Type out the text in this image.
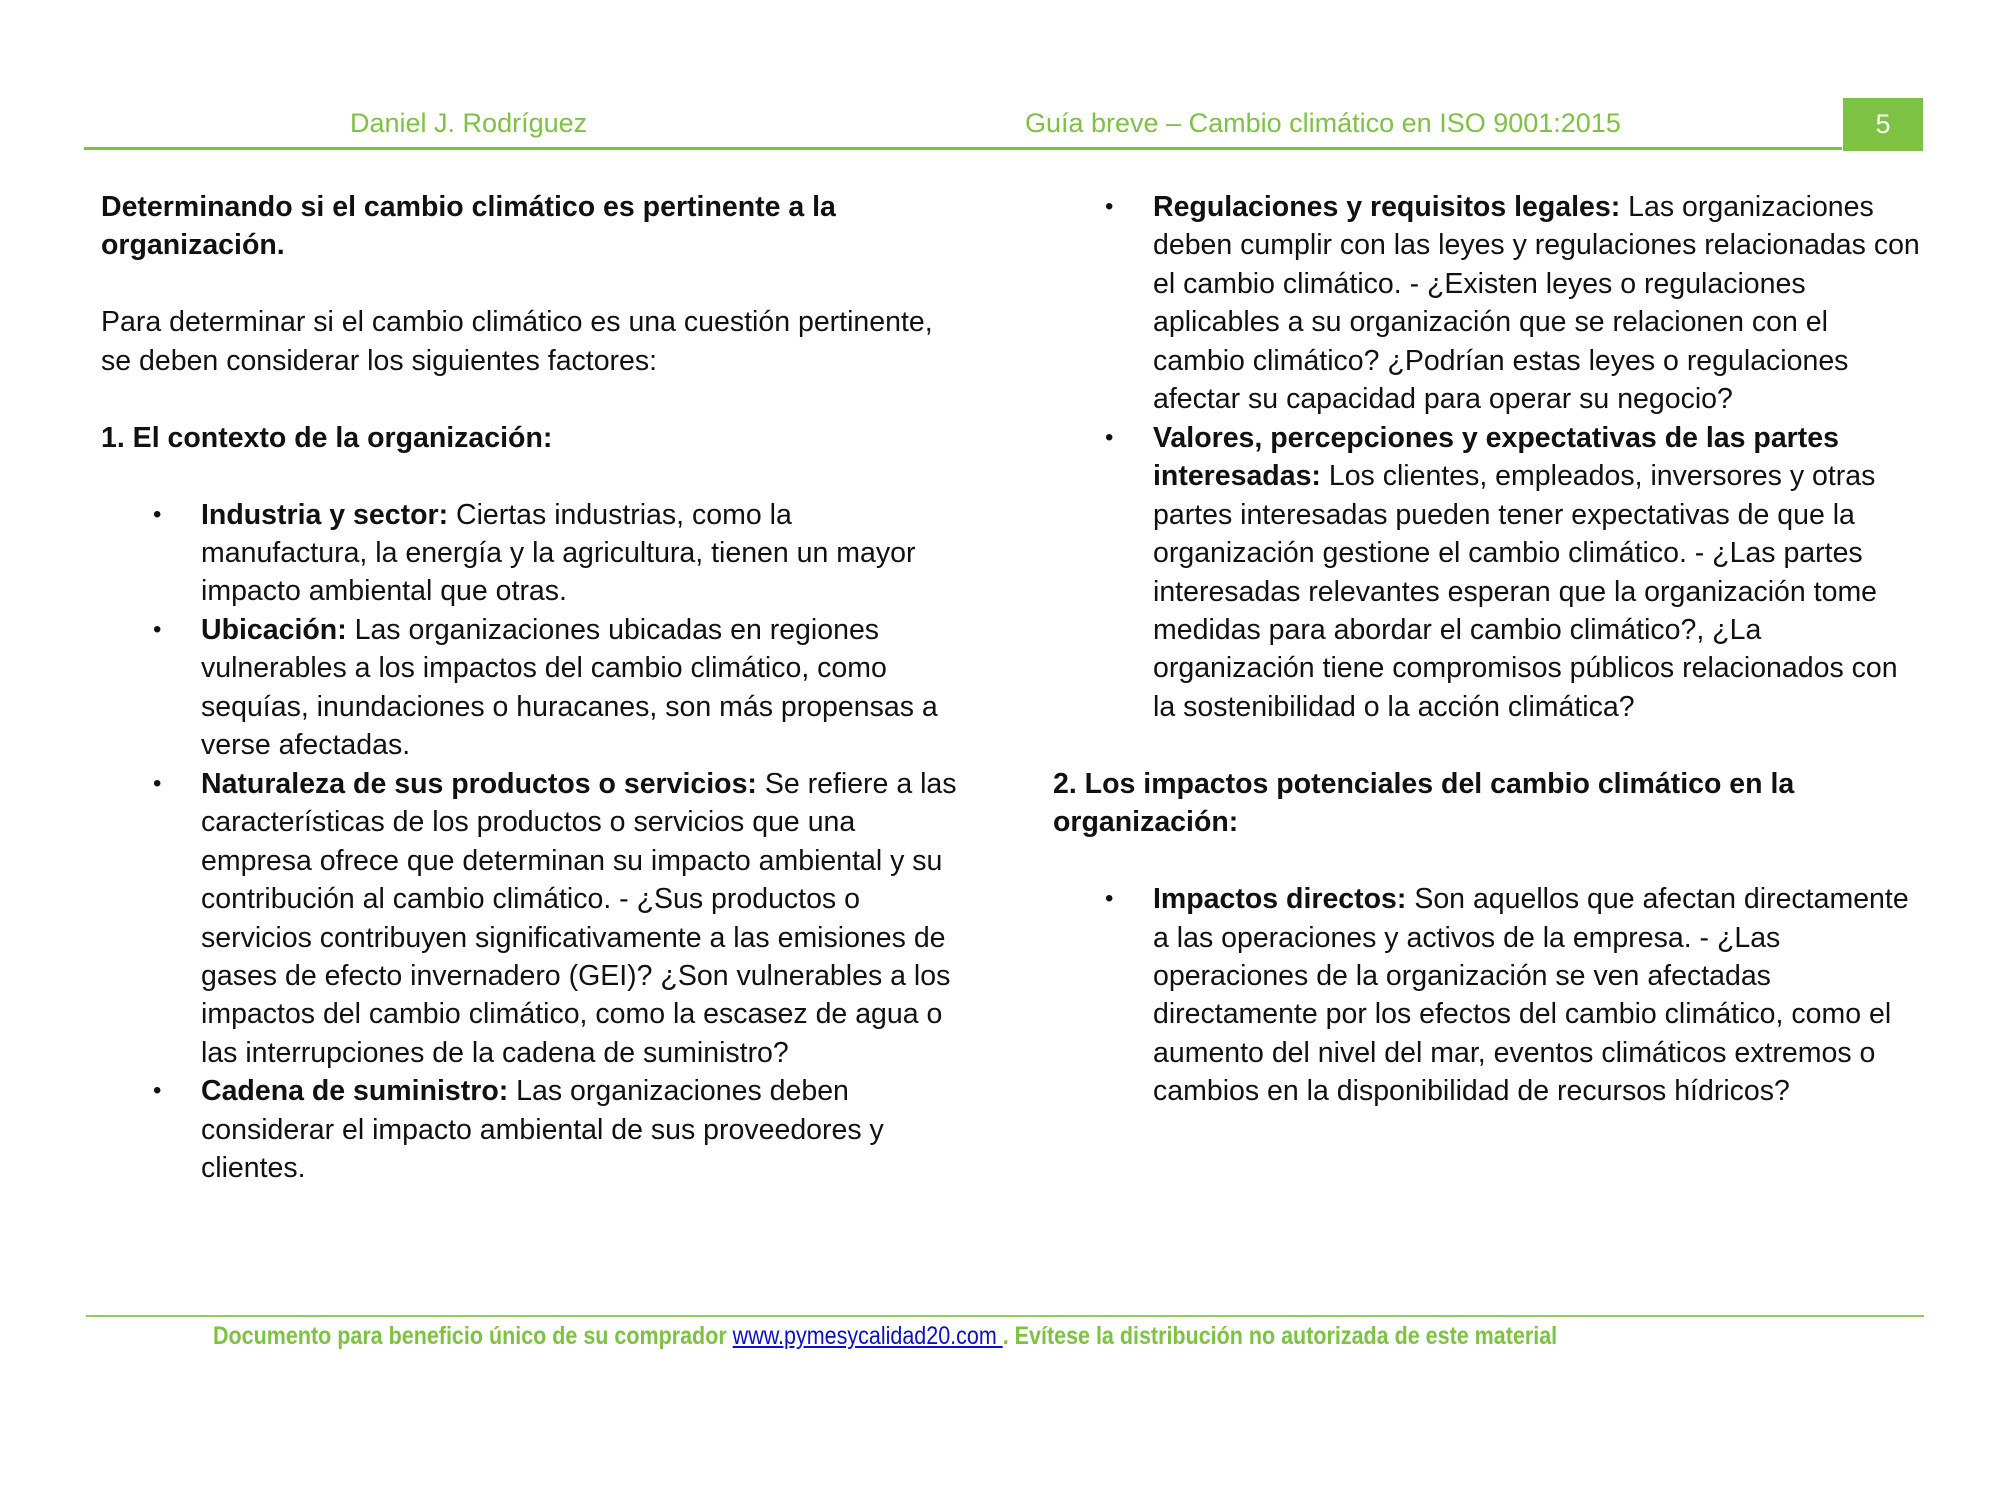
Daniel J. Rodríguez	Guía breve – Cambio climático en ISO 9001:2015	5
Determinando si el cambio climático es pertinente a la organización.
Para determinar si el cambio climático es una cuestión pertinente, se deben considerar los siguientes factores:
1. El contexto de la organización:
• Industria y sector: Ciertas industrias, como la manufactura, la energía y la agricultura, tienen un mayor impacto ambiental que otras.
• Ubicación: Las organizaciones ubicadas en regiones vulnerables a los impactos del cambio climático, como sequías, inundaciones o huracanes, son más propensas a verse afectadas.
• Naturaleza de sus productos o servicios: Se refiere a las características de los productos o servicios que una empresa ofrece que determinan su impacto ambiental y su contribución al cambio climático. - ¿Sus productos o servicios contribuyen significativamente a las emisiones de gases de efecto invernadero (GEI)? ¿Son vulnerables a los impactos del cambio climático, como la escasez de agua o las interrupciones de la cadena de suministro?
• Cadena de suministro: Las organizaciones deben considerar el impacto ambiental de sus proveedores y clientes.
• Regulaciones y requisitos legales: Las organizaciones deben cumplir con las leyes y regulaciones relacionadas con el cambio climático. - ¿Existen leyes o regulaciones aplicables a su organización que se relacionen con el cambio climático? ¿Podrían estas leyes o regulaciones afectar su capacidad para operar su negocio?
• Valores, percepciones y expectativas de las partes interesadas: Los clientes, empleados, inversores y otras partes interesadas pueden tener expectativas de que la organización gestione el cambio climático. - ¿Las partes interesadas relevantes esperan que la organización tome medidas para abordar el cambio climático?, ¿La organización tiene compromisos públicos relacionados con la sostenibilidad o la acción climática?
2. Los impactos potenciales del cambio climático en la organización:
• Impactos directos: Son aquellos que afectan directamente a las operaciones y activos de la empresa. - ¿Las operaciones de la organización se ven afectadas directamente por los efectos del cambio climático, como el aumento del nivel del mar, eventos climáticos extremos o cambios en la disponibilidad de recursos hídricos?
Documento para beneficio único de su comprador www.pymesycalidad20.com . Evítese la distribución no autorizada de este material
